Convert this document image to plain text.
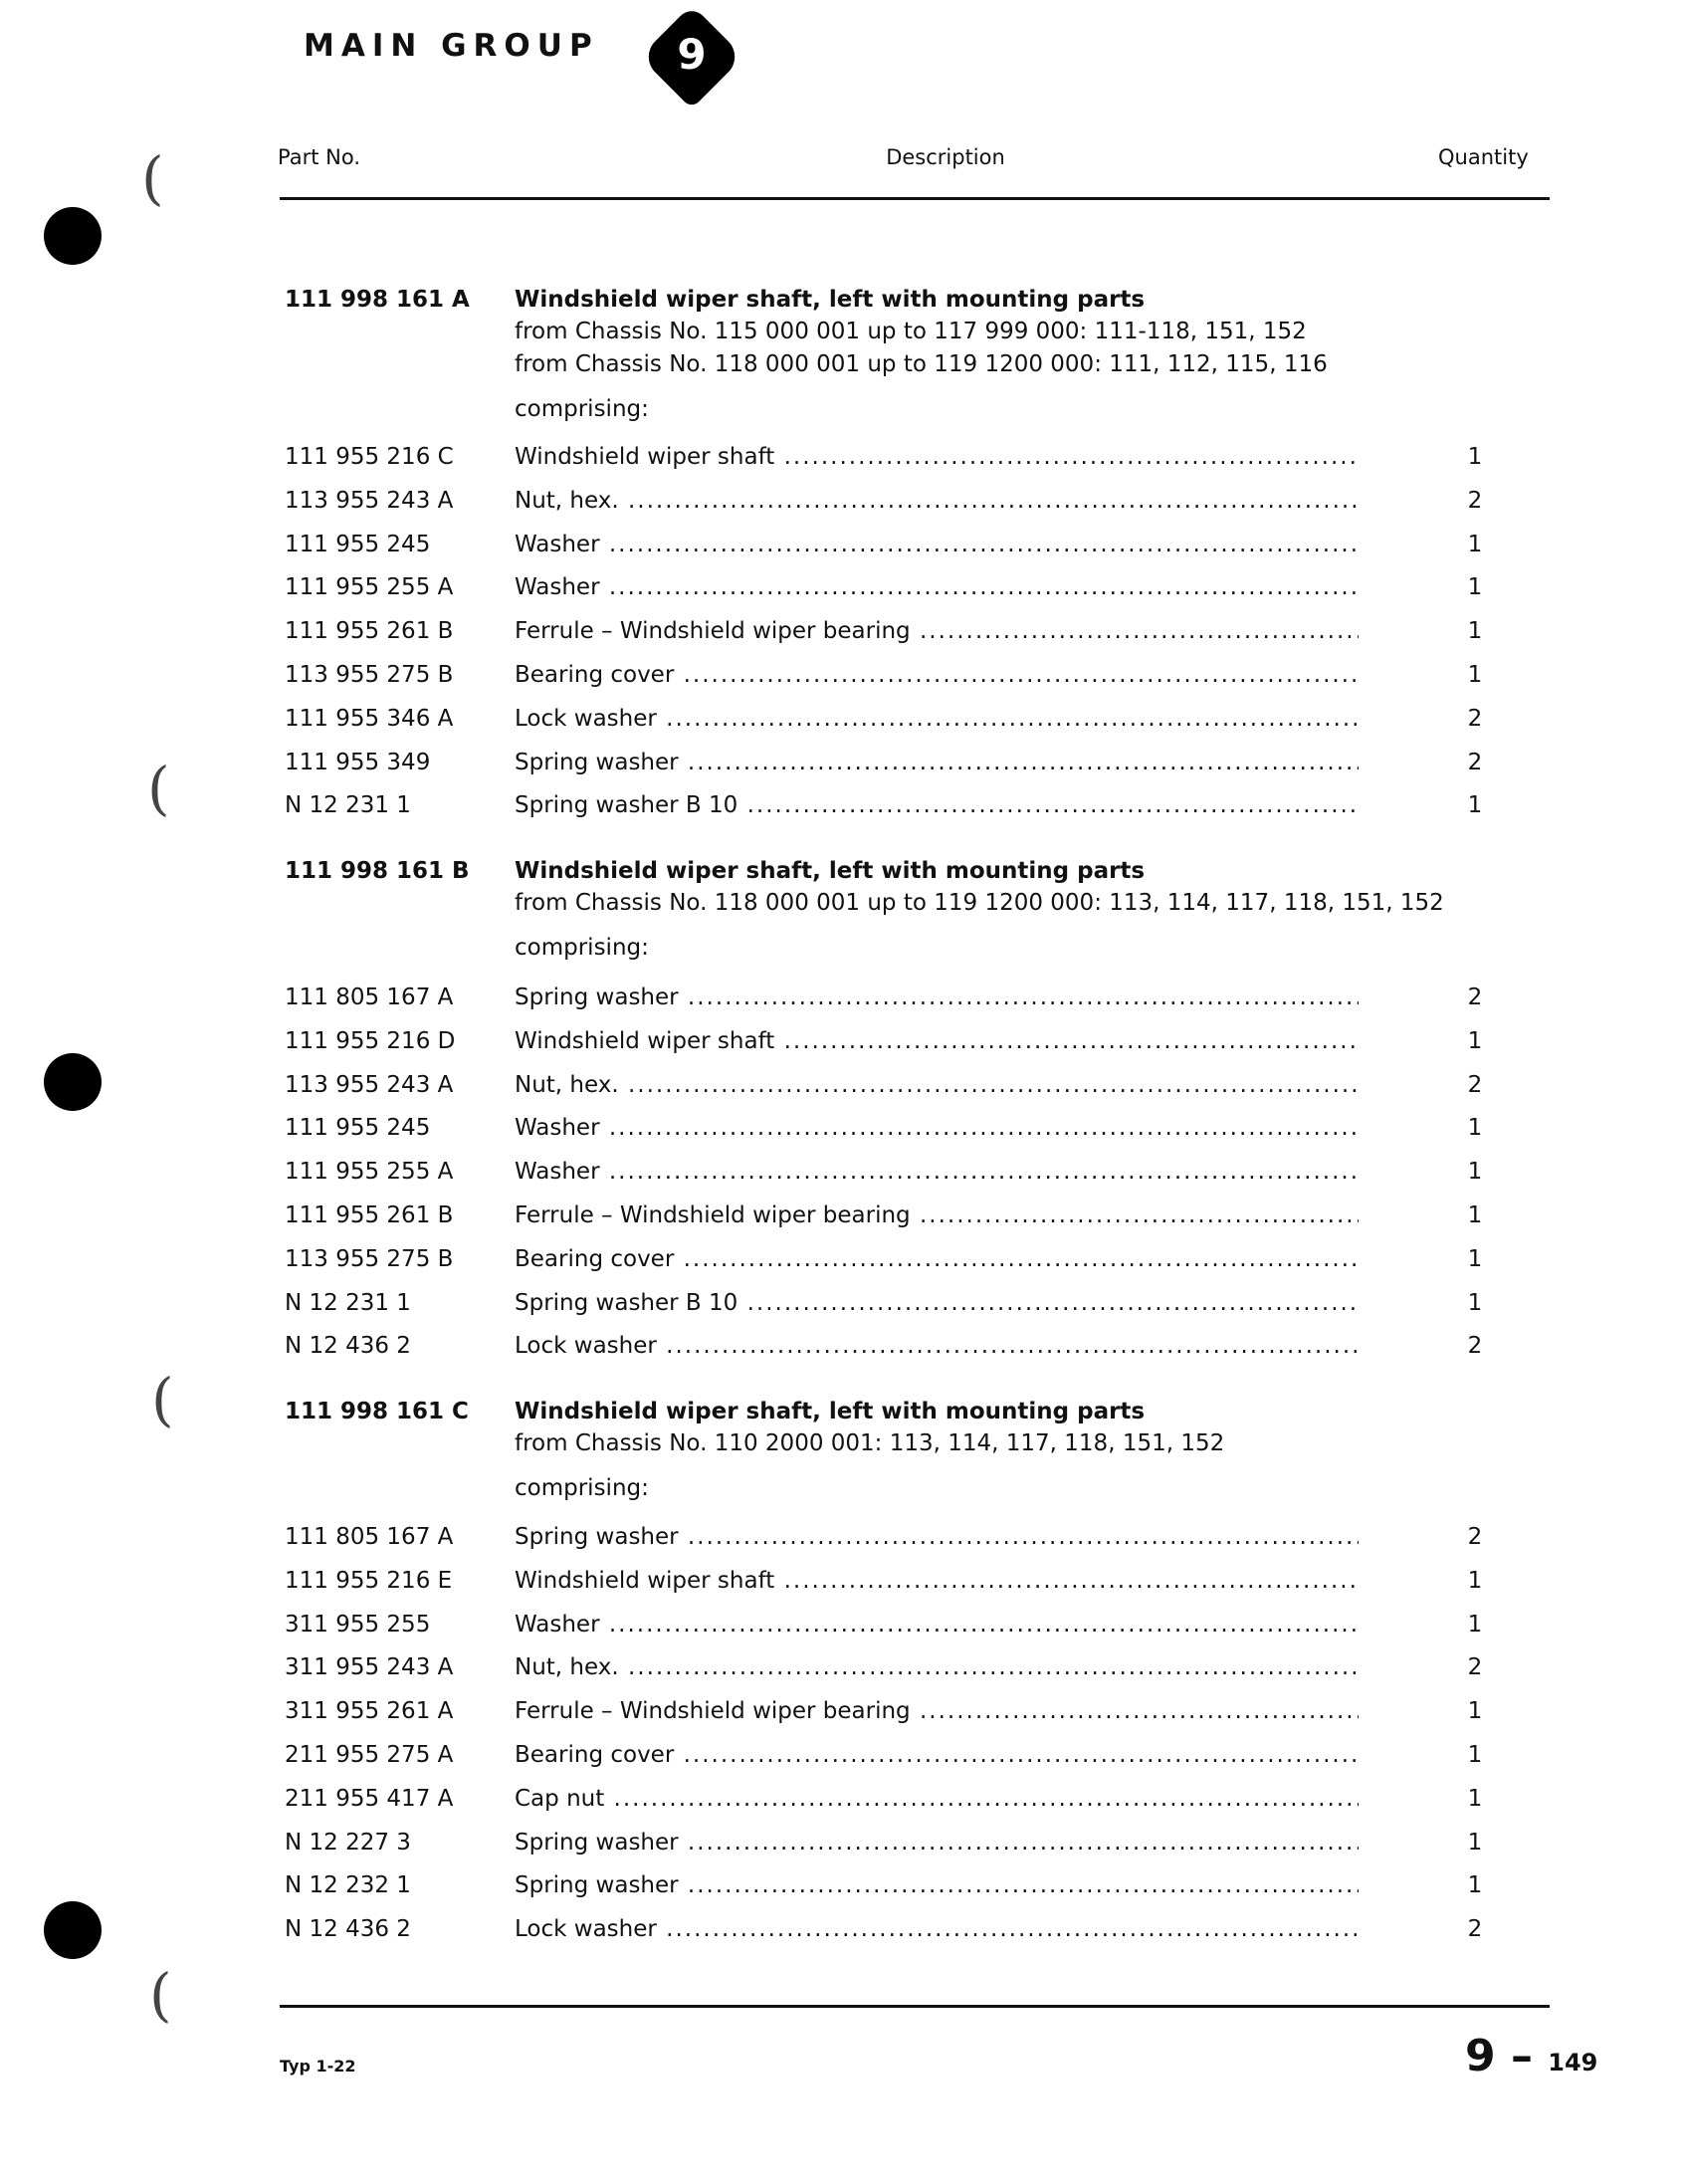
(
(
(
(
MAIN GROUP	9
Part No.	Description	Quantity
111 998 161 A Windshield wiper shaft, left with mounting parts
from Chassis No. 115 000 001 up to 117 999 000: 111-118, 151, 152
from Chassis No. 118 000 001 up to 119 1200 000: 111, 112, 115, 116
comprising:
111 955 216 C	Windshield wiper shaft .....	1
113 955 243 A	Nut, hex. .....	2
111 955 245	Washer .....	1
111 955 255 A	Washer .....	1
111 955 261 B	Ferrule – Windshield wiper bearing .....	1
113 955 275 B	Bearing cover .....	1
111 955 346 A	Lock washer .....	2
111 955 349	Spring washer .....	2
N 12 231 1	Spring washer B 10 .....	1
111 998 161 B Windshield wiper shaft, left with mounting parts
from Chassis No. 118 000 001 up to 119 1200 000: 113, 114, 117, 118, 151, 152
comprising:
111 805 167 A	Spring washer .....	2
111 955 216 D	Windshield wiper shaft .....	1
113 955 243 A	Nut, hex. .....	2
111 955 245	Washer .....	1
111 955 255 A	Washer .....	1
111 955 261 B	Ferrule – Windshield wiper bearing .....	1
113 955 275 B	Bearing cover .....	1
N 12 231 1	Spring washer B 10 .....	1
N 12 436 2	Lock washer .....	2
111 998 161 C Windshield wiper shaft, left with mounting parts
from Chassis No. 110 2000 001: 113, 114, 117, 118, 151, 152
comprising:
111 805 167 A	Spring washer .....	2
111 955 216 E	Windshield wiper shaft .....	1
311 955 255	Washer .....	1
311 955 243 A	Nut, hex. .....	2
311 955 261 A	Ferrule – Windshield wiper bearing .....	1
211 955 275 A	Bearing cover .....	1
211 955 417 A	Cap nut .....	1
N 12 227 3	Spring washer .....	1
N 12 232 1	Spring washer .....	1
N 12 436 2	Lock washer .....	2
Typ 1-22	9 – 149
